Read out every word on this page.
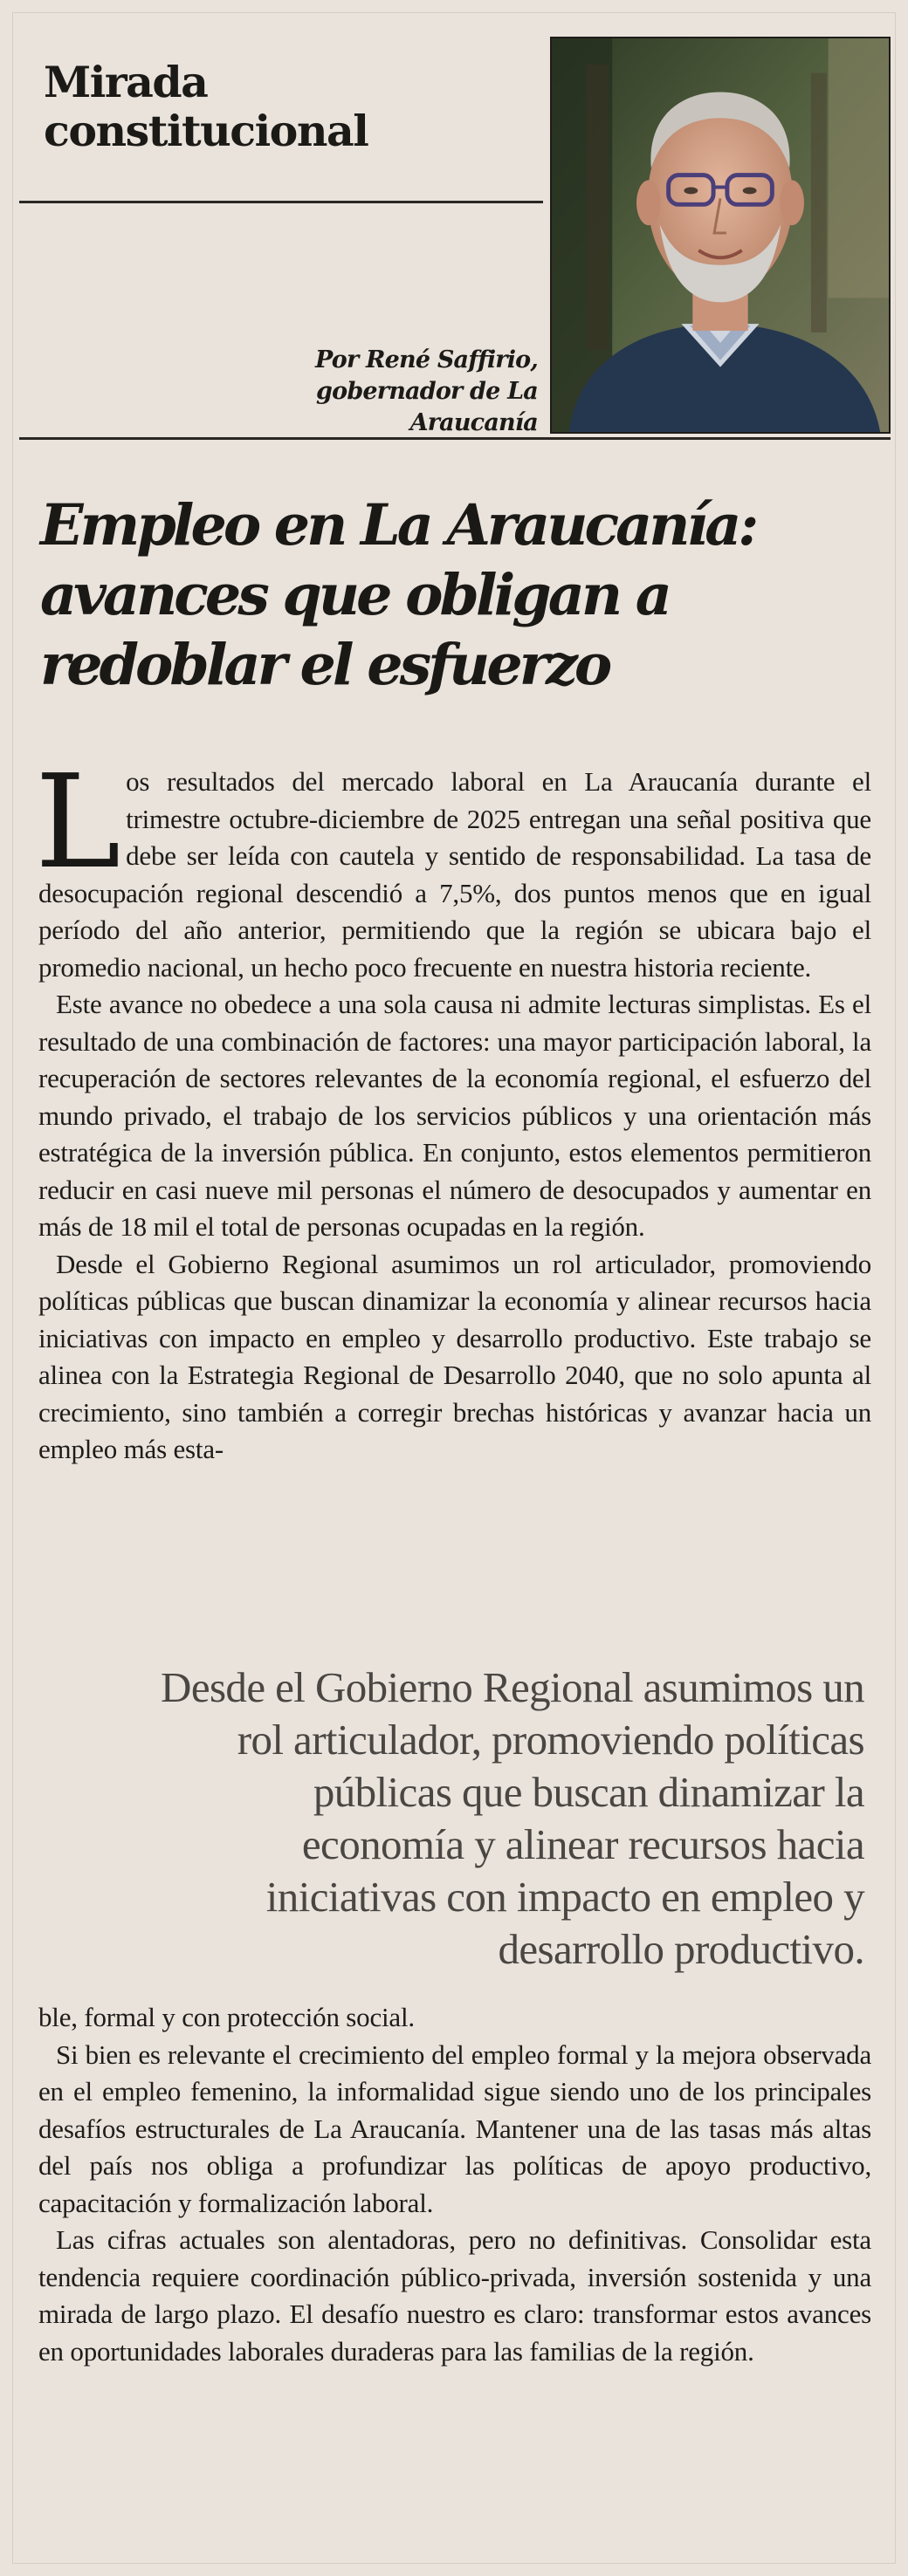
Mirada constitucional
Por René Saffirio,
gobernador de La Araucanía
Empleo en La Araucanía:
avances que obligan a
redoblar el esfuerzo

Los resultados del mercado laboral en La Araucanía durante el trimestre octubre-diciembre de 2025 entregan una señal positiva que debe ser leída con cautela y sentido de responsabilidad. La tasa de desocupación regional descendió a 7,5%, dos puntos menos que en igual período del año anterior, permitiendo que la región se ubicara bajo el promedio nacional, un hecho poco frecuente en nuestra historia reciente.

Este avance no obedece a una sola causa ni admite lecturas simplistas. Es el resultado de una combinación de factores: una mayor participación laboral, la recuperación de sectores relevantes de la economía regional, el esfuerzo del mundo privado, el trabajo de los servicios públicos y una orientación más estratégica de la inversión pública. En conjunto, estos elementos permitieron reducir en casi nueve mil personas el número de desocupados y aumentar en más de 18 mil el total de personas ocupadas en la región.

Desde el Gobierno Regional asumimos un rol articulador, promoviendo políticas públicas que buscan dinamizar la economía y alinear recursos hacia iniciativas con impacto en empleo y desarrollo productivo. Este trabajo se alinea con la Estrategia Regional de Desarrollo 2040, que no solo apunta al crecimiento, sino también a corregir brechas históricas y avanzar hacia un empleo más esta-

Desde el Gobierno Regional asumimos un
rol articulador, promoviendo políticas
públicas que buscan dinamizar la
economía y alinear recursos hacia
iniciativas con impacto en empleo y
desarrollo productivo.

ble, formal y con protección social.

Si bien es relevante el crecimiento del empleo formal y la mejora observada en el empleo femenino, la informalidad sigue siendo uno de los principales desafíos estructurales de La Araucanía. Mantener una de las tasas más altas del país nos obliga a profundizar las políticas de apoyo productivo, capacitación y formalización laboral.

Las cifras actuales son alentadoras, pero no definitivas. Consolidar esta tendencia requiere coordinación público-privada, inversión sostenida y una mirada de largo plazo. El desafío nuestro es claro: transformar estos avances en oportunidades laborales duraderas para las familias de la región.
